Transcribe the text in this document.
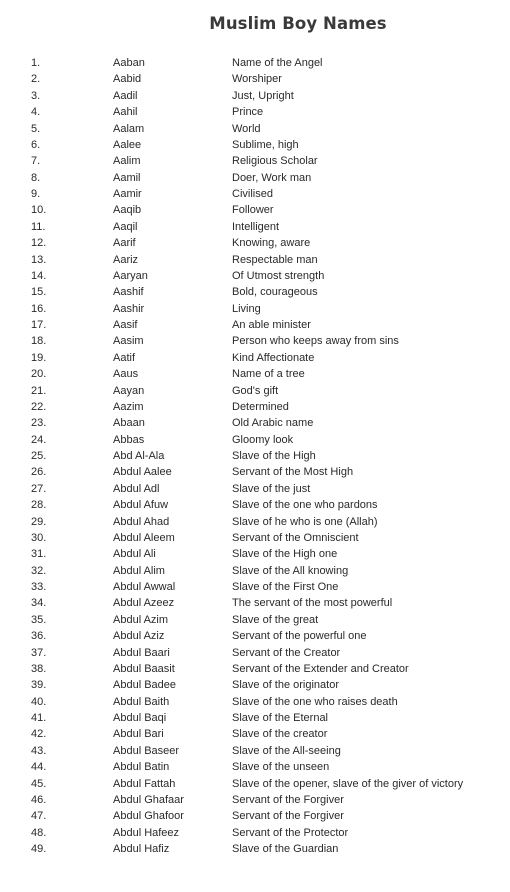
Muslim Boy Names
1.	Aaban	Name of the Angel
2.	Aabid	Worshiper
3.	Aadil	Just, Upright
4.	Aahil	Prince
5.	Aalam	World
6.	Aalee	Sublime, high
7.	Aalim	Religious Scholar
8.	Aamil	Doer, Work man
9.	Aamir	Civilised
10.	Aaqib	Follower
11.	Aaqil	Intelligent
12.	Aarif	Knowing, aware
13.	Aariz	Respectable man
14.	Aaryan	Of Utmost strength
15.	Aashif	Bold, courageous
16.	Aashir	Living
17.	Aasif	An able minister
18.	Aasim	Person who keeps away from sins
19.	Aatif	Kind Affectionate
20.	Aaus	Name of a tree
21.	Aayan	God's gift
22.	Aazim	Determined
23.	Abaan	Old Arabic name
24.	Abbas	Gloomy look
25.	Abd Al-Ala	Slave of the High
26.	Abdul Aalee	Servant of the Most High
27.	Abdul Adl	Slave of the just
28.	Abdul Afuw	Slave of the one who pardons
29.	Abdul Ahad	Slave of he who is one (Allah)
30.	Abdul Aleem	Servant of the Omniscient
31.	Abdul Ali	Slave of the High one
32.	Abdul Alim	Slave of the All knowing
33.	Abdul Awwal	Slave of the First One
34.	Abdul Azeez	The servant of the most powerful
35.	Abdul Azim	Slave of the great
36.	Abdul Aziz	Servant of the powerful one
37.	Abdul Baari	Servant of the Creator
38.	Abdul Baasit	Servant of the Extender and Creator
39.	Abdul Badee	Slave of the originator
40.	Abdul Baith	Slave of the one who raises death
41.	Abdul Baqi	Slave of the Eternal
42.	Abdul Bari	Slave of the creator
43.	Abdul Baseer	Slave of the All-seeing
44.	Abdul Batin	Slave of the unseen
45.	Abdul Fattah	Slave of the opener, slave of the giver of victory
46.	Abdul Ghafaar	Servant of the Forgiver
47.	Abdul Ghafoor	Servant of the Forgiver
48.	Abdul Hafeez	Servant of the Protector
49.	Abdul Hafiz	Slave of the Guardian
